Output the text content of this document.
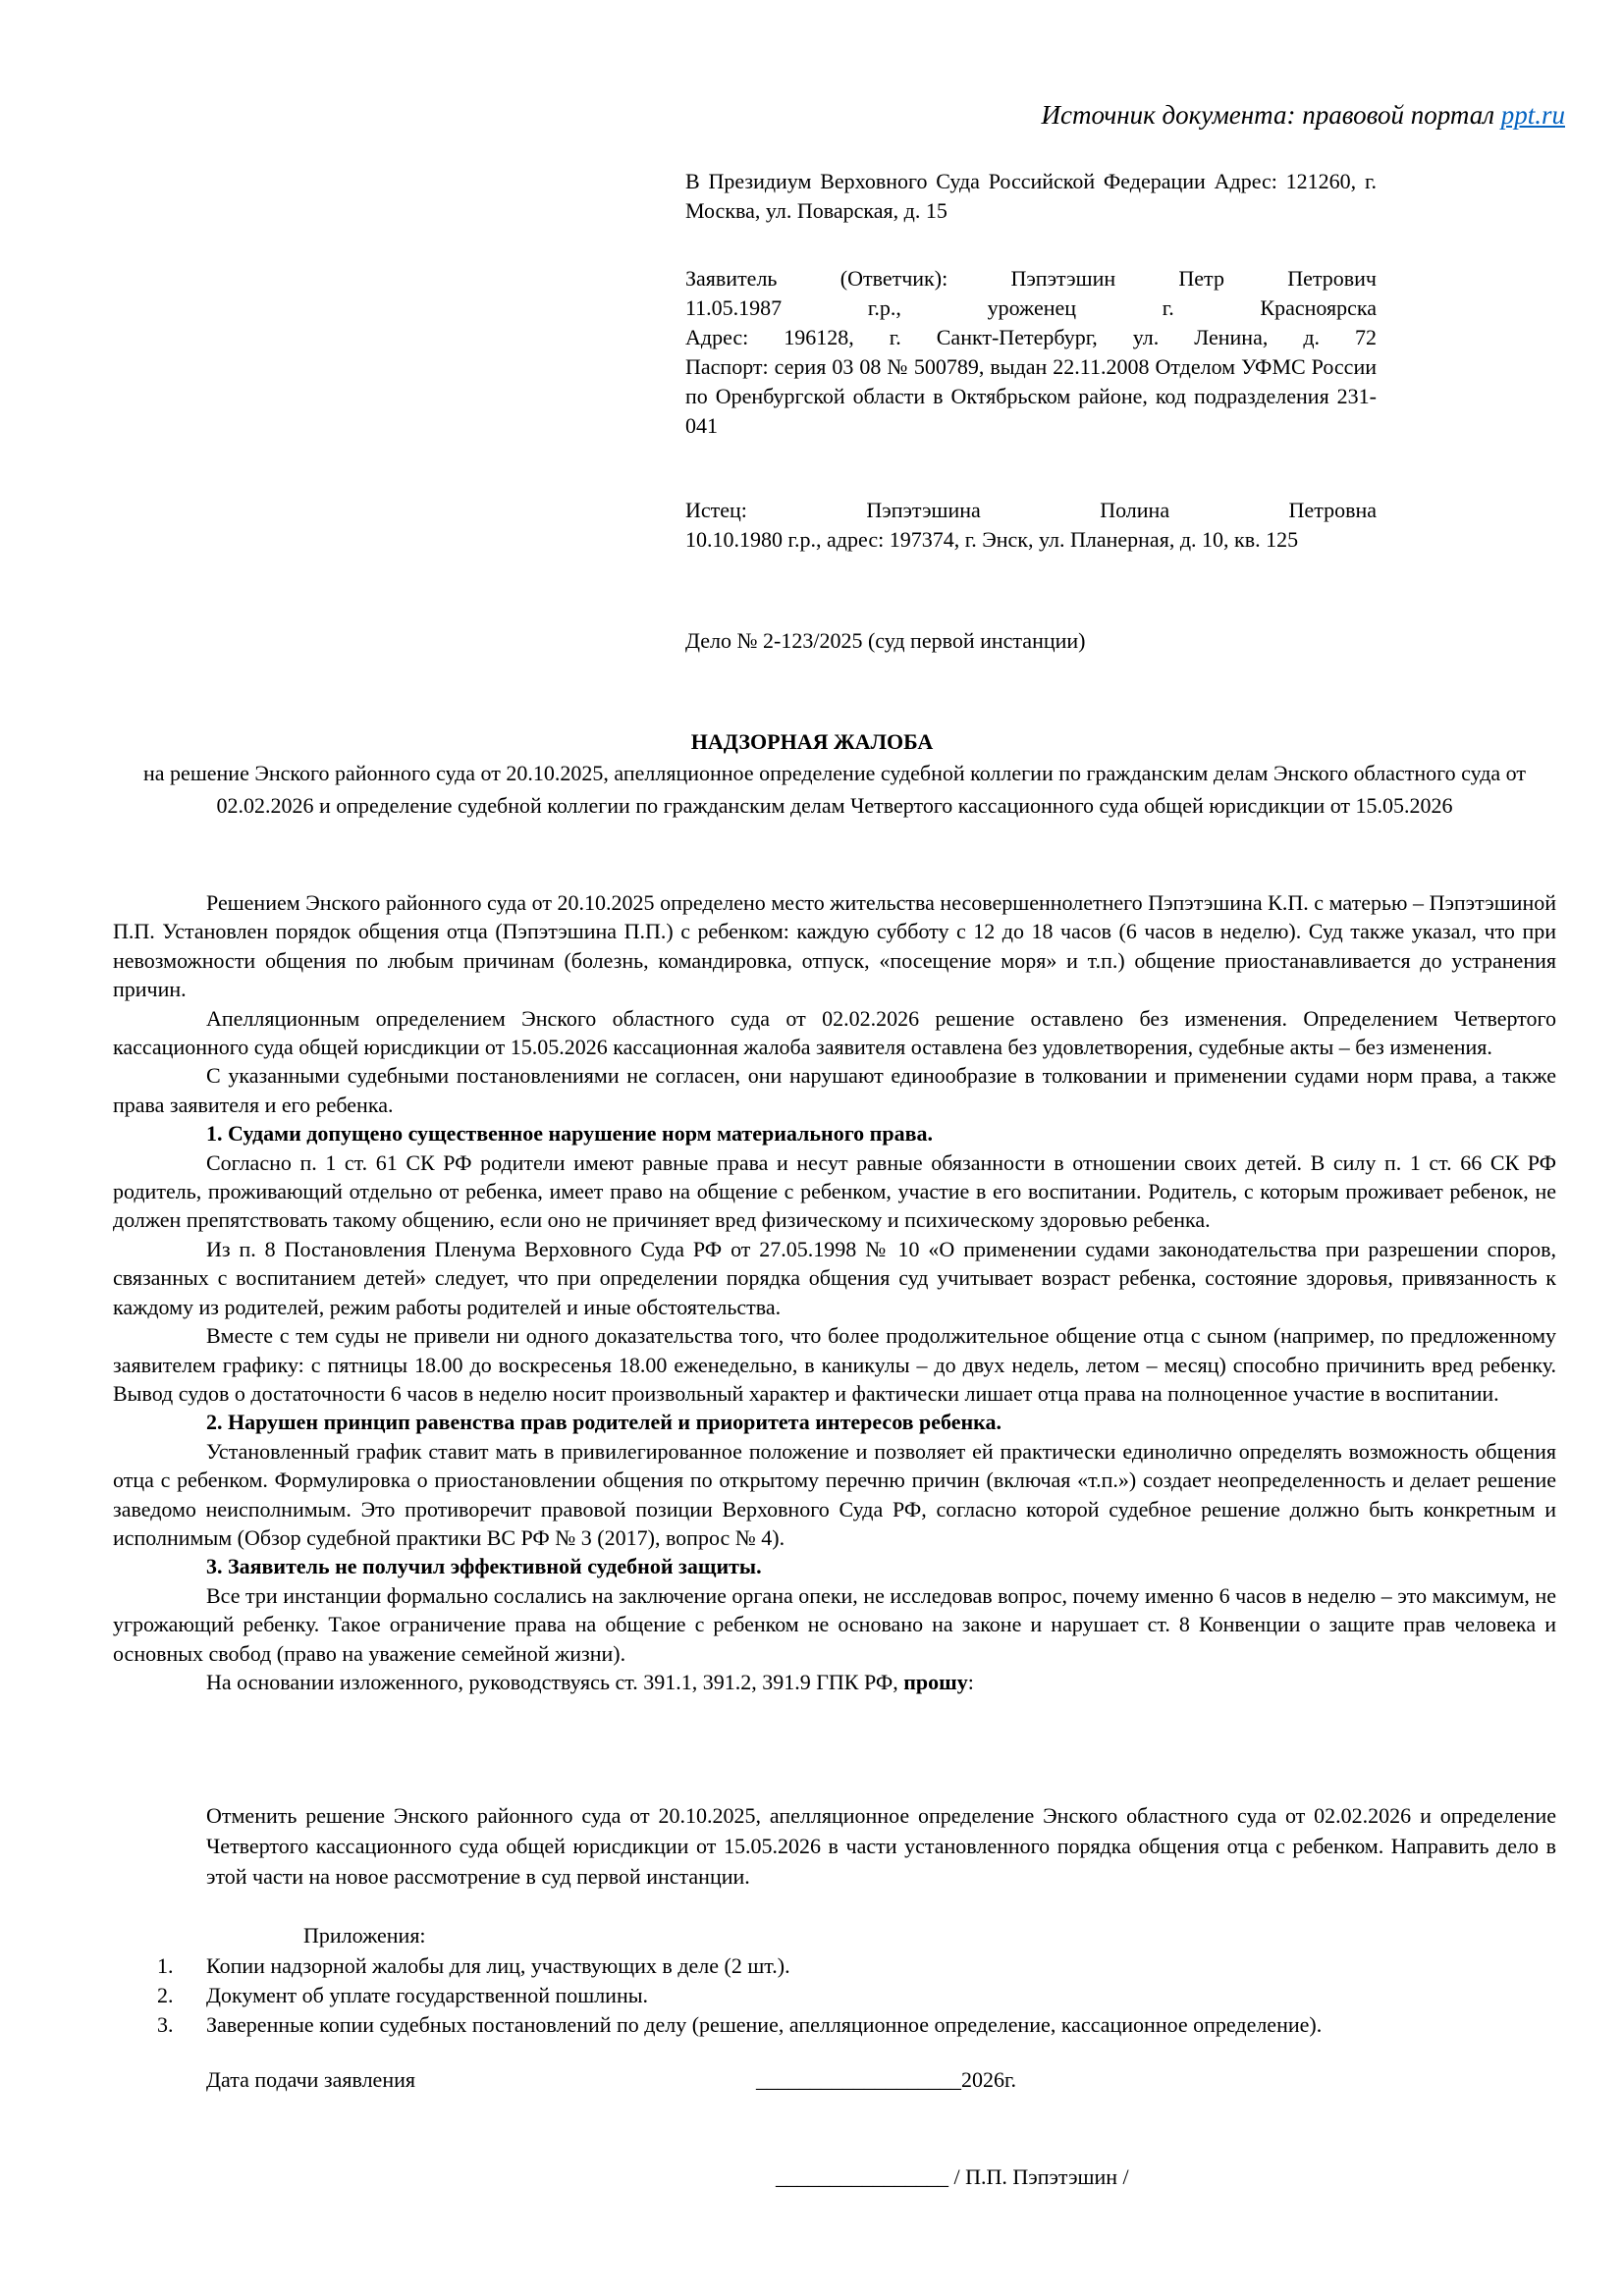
Источник документа: правовой портал ppt.ru
В Президиум Верховного Суда Российской Федерации Адрес: 121260, г. Москва, ул. Поварская, д. 15
Заявитель (Ответчик): Пэпэтэшин Петр Петрович
11.05.1987 г.р., уроженец г. Красноярска
Адрес: 196128, г. Санкт-Петербург, ул. Ленина, д. 72
Паспорт: серия 03 08 № 500789, выдан 22.11.2008 Отделом УФМС России по Оренбургской области в Октябрьском районе, код подразделения 231-041
Истец: Пэпэтэшина Полина Петровна
10.10.1980 г.р., адрес: 197374, г. Энск, ул. Планерная, д. 10, кв. 125
Дело № 2-123/2025 (суд первой инстанции)
НАДЗОРНАЯ ЖАЛОБА
на решение Энского районного суда от 20.10.2025, апелляционное определение судебной коллегии по гражданским делам Энского областного суда от 02.02.2026 и определение судебной коллегии по гражданским делам Четвертого кассационного суда общей юрисдикции от 15.05.2026

Решением Энского районного суда от 20.10.2025 определено место жительства несовершеннолетнего Пэпэтэшина К.П. с матерью – Пэпэтэшиной П.П. Установлен порядок общения отца (Пэпэтэшина П.П.) с ребенком: каждую субботу с 12 до 18 часов (6 часов в неделю). Суд также указал, что при невозможности общения по любым причинам (болезнь, командировка, отпуск, «посещение моря» и т.п.) общение приостанавливается до устранения причин.

Апелляционным определением Энского областного суда от 02.02.2026 решение оставлено без изменения. Определением Четвертого кассационного суда общей юрисдикции от 15.05.2026 кассационная жалоба заявителя оставлена без удовлетворения, судебные акты – без изменения.

С указанными судебными постановлениями не согласен, они нарушают единообразие в толковании и применении судами норм права, а также права заявителя и его ребенка.

1. Судами допущено существенное нарушение норм материального права.

Согласно п. 1 ст. 61 СК РФ родители имеют равные права и несут равные обязанности в отношении своих детей. В силу п. 1 ст. 66 СК РФ родитель, проживающий отдельно от ребенка, имеет право на общение с ребенком, участие в его воспитании. Родитель, с которым проживает ребенок, не должен препятствовать такому общению, если оно не причиняет вред физическому и психическому здоровью ребенка.

Из п. 8 Постановления Пленума Верховного Суда РФ от 27.05.1998 № 10 «О применении судами законодательства при разрешении споров, связанных с воспитанием детей» следует, что при определении порядка общения суд учитывает возраст ребенка, состояние здоровья, привязанность к каждому из родителей, режим работы родителей и иные обстоятельства.

Вместе с тем суды не привели ни одного доказательства того, что более продолжительное общение отца с сыном (например, по предложенному заявителем графику: с пятницы 18.00 до воскресенья 18.00 еженедельно, в каникулы – до двух недель, летом – месяц) способно причинить вред ребенку. Вывод судов о достаточности 6 часов в неделю носит произвольный характер и фактически лишает отца права на полноценное участие в воспитании.

2. Нарушен принцип равенства прав родителей и приоритета интересов ребенка.

Установленный график ставит мать в привилегированное положение и позволяет ей практически единолично определять возможность общения отца с ребенком. Формулировка о приостановлении общения по открытому перечню причин (включая «т.п.») создает неопределенность и делает решение заведомо неисполнимым. Это противоречит правовой позиции Верховного Суда РФ, согласно которой судебное решение должно быть конкретным и исполнимым (Обзор судебной практики ВС РФ № 3 (2017), вопрос № 4).

3. Заявитель не получил эффективной судебной защиты.

Все три инстанции формально сослались на заключение органа опеки, не исследовав вопрос, почему именно 6 часов в неделю – это максимум, не угрожающий ребенку. Такое ограничение права на общение с ребенком не основано на законе и нарушает ст. 8 Конвенции о защите прав человека и основных свобод (право на уважение семейной жизни).

На основании изложенного, руководствуясь ст. 391.1, 391.2, 391.9 ГПК РФ, прошу:

Отменить решение Энского районного суда от 20.10.2025, апелляционное определение Энского областного суда от 02.02.2026 и определение Четвертого кассационного суда общей юрисдикции от 15.05.2026 в части установленного порядка общения отца с ребенком. Направить дело в этой части на новое рассмотрение в суд первой инстанции.
Приложения:
1.	Копии надзорной жалобы для лиц, участвующих в деле (2 шт.).
2.	Документ об уплате государственной пошлины.
3.	Заверенные копии судебных постановлений по делу (решение, апелляционное определение, кассационное определение).
Дата подачи заявления	___________________2026г.
________________ / П.П. Пэпэтэшин /
